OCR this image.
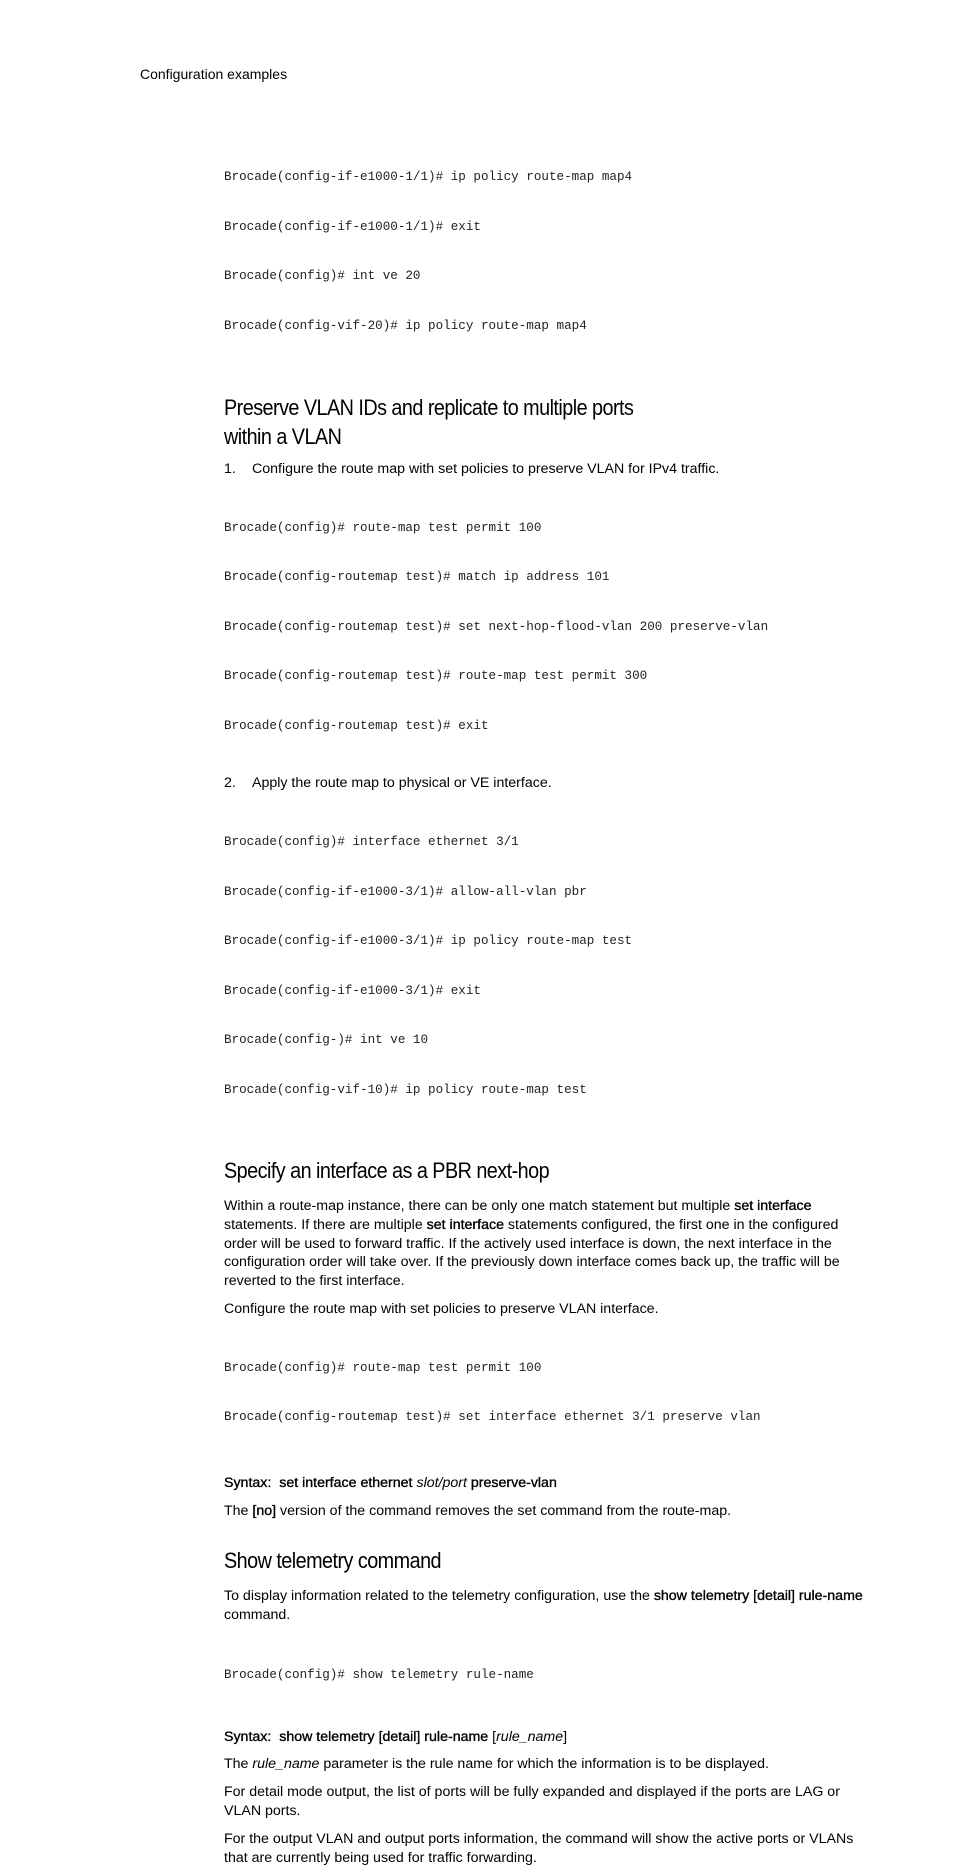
Configuration examples

Brocade(config-if-e1000-1/1)# ip policy route-map map4

Brocade(config-if-e1000-1/1)# exit

Brocade(config)# int ve 20

Brocade(config-vif-20)# ip policy route-map map4

Preserve VLAN IDs and replicate to multiple ports
within a VLAN

1. Configure the route map with set policies to preserve VLAN for IPv4 traffic.

Brocade(config)# route-map test permit 100

Brocade(config-routemap test)# match ip address 101

Brocade(config-routemap test)# set next-hop-flood-vlan 200 preserve-vlan

Brocade(config-routemap test)# route-map test permit 300

Brocade(config-routemap test)# exit

2. Apply the route map to physical or VE interface.

Brocade(config)# interface ethernet 3/1

Brocade(config-if-e1000-3/1)# allow-all-vlan pbr

Brocade(config-if-e1000-3/1)# ip policy route-map test

Brocade(config-if-e1000-3/1)# exit

Brocade(config-)# int ve 10

Brocade(config-vif-10)# ip policy route-map test

Specify an interface as a PBR next-hop

Within a route-map instance, there can be only one match statement but multiple set interface statements. If there are multiple set interface statements configured, the first one in the configured order will be used to forward traffic. If the actively used interface is down, the next interface in the configuration order will take over. If the previously down interface comes back up, the traffic will be reverted to the first interface.

Configure the route map with set policies to preserve VLAN interface.

Brocade(config)# route-map test permit 100

Brocade(config-routemap test)# set interface ethernet 3/1 preserve vlan

Syntax: set interface ethernet slot/port preserve-vlan

The [no] version of the command removes the set command from the route-map.

Show telemetry command

To display information related to the telemetry configuration, use the show telemetry [detail] rule-name command.

Brocade(config)# show telemetry rule-name

Syntax: show telemetry [detail] rule-name [rule_name]

The rule_name parameter is the rule name for which the information is to be displayed.

For detail mode output, the list of ports will be fully expanded and displayed if the ports are LAG or VLAN ports.

For the output VLAN and output ports information, the command will show the active ports or VLANs that are currently being used for traffic forwarding.
